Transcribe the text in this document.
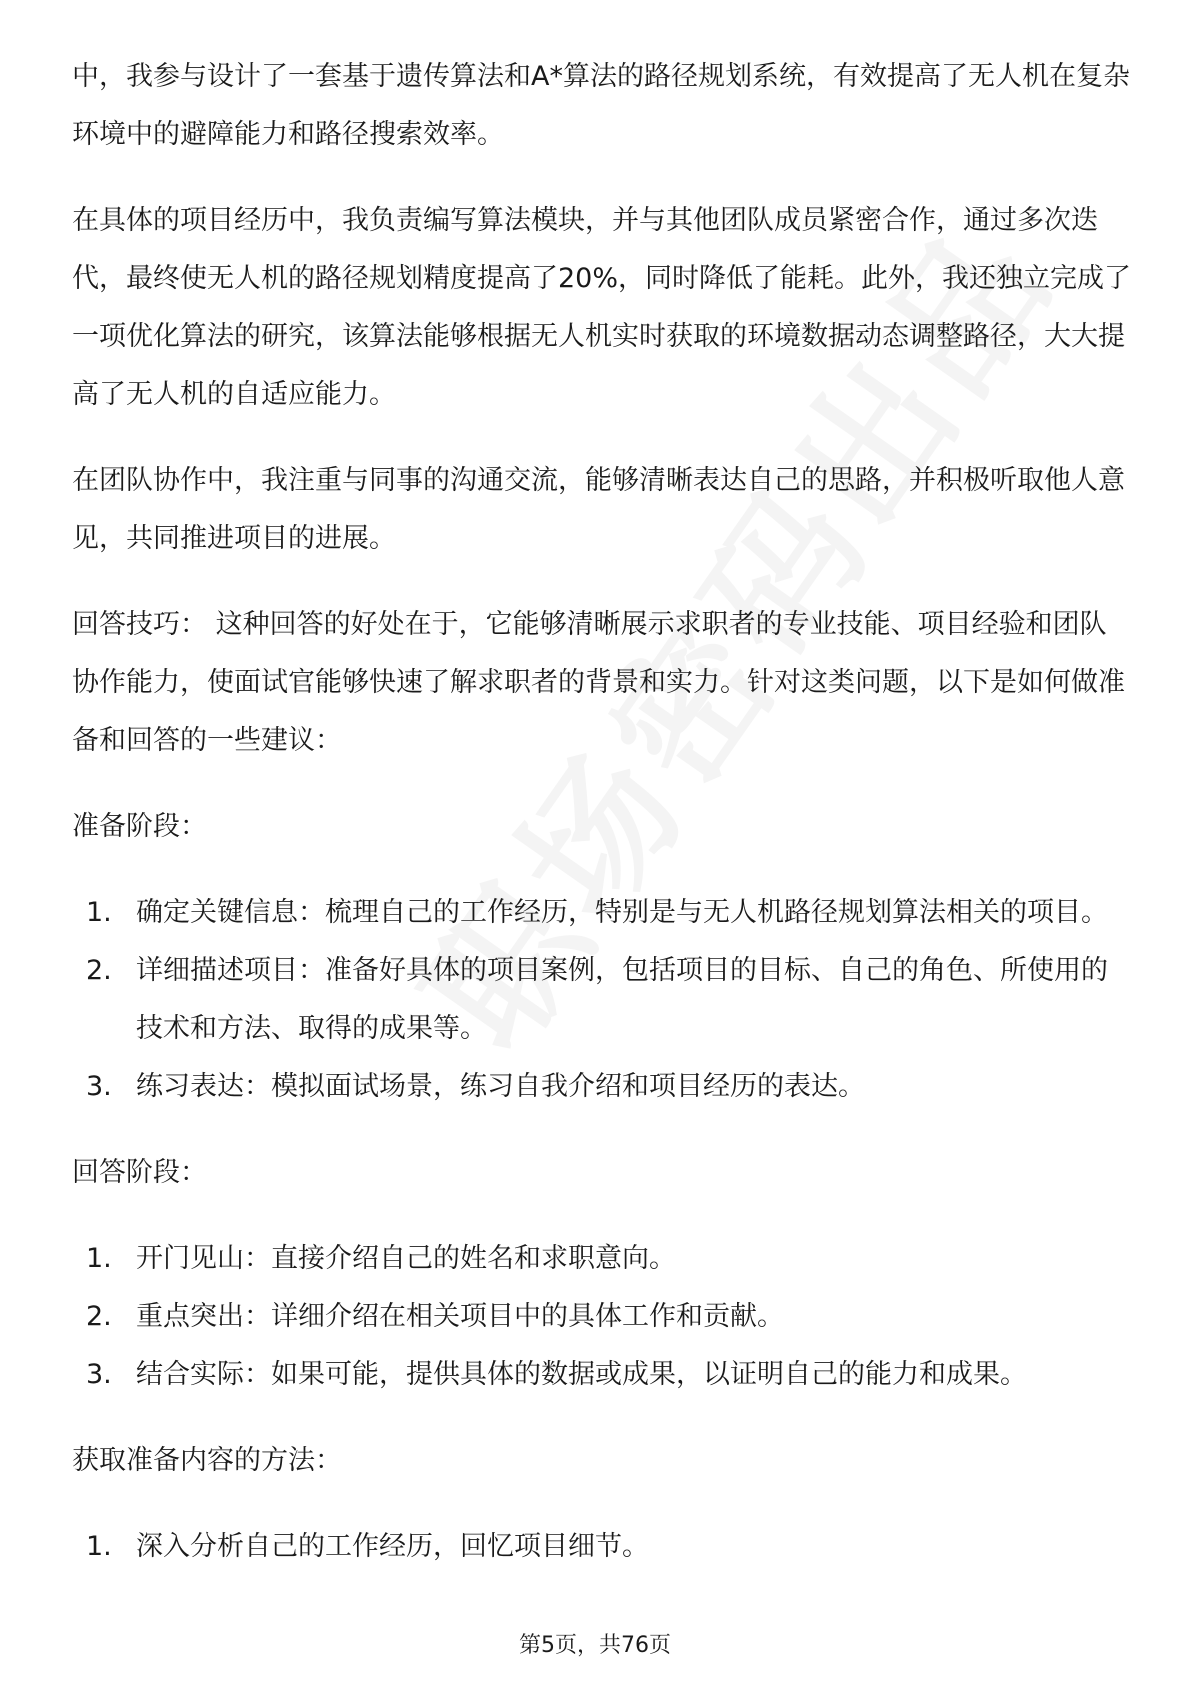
中，我参与设计了一套基于遗传算法和A*算法的路径规划系统，有效提高了无人机在复杂环境中的避障能力和路径搜索效率。

在具体的项目经历中，我负责编写算法模块，并与其他团队成员紧密合作，通过多次迭代，最终使无人机的路径规划精度提高了20%，同时降低了能耗。此外，我还独立完成了一项优化算法的研究，该算法能够根据无人机实时获取的环境数据动态调整路径，大大提高了无人机的自适应能力。

在团队协作中，我注重与同事的沟通交流，能够清晰表达自己的思路，并积极听取他人意见，共同推进项目的进展。

回答技巧： 这种回答的好处在于，它能够清晰展示求职者的专业技能、项目经验和团队协作能力，使面试官能够快速了解求职者的背景和实力。针对这类问题，以下是如何做准备和回答的一些建议：

准备阶段：

1. 确定关键信息：梳理自己的工作经历，特别是与无人机路径规划算法相关的项目。
2. 详细描述项目：准备好具体的项目案例，包括项目的目标、自己的角色、所使用的技术和方法、取得的成果等。
3. 练习表达：模拟面试场景，练习自我介绍和项目经历的表达。

回答阶段：

1. 开门见山：直接介绍自己的姓名和求职意向。
2. 重点突出：详细介绍在相关项目中的具体工作和贡献。
3. 结合实际：如果可能，提供具体的数据或成果，以证明自己的能力和成果。

获取准备内容的方法：

1. 深入分析自己的工作经历，回忆项目细节。
第5页，共76页
